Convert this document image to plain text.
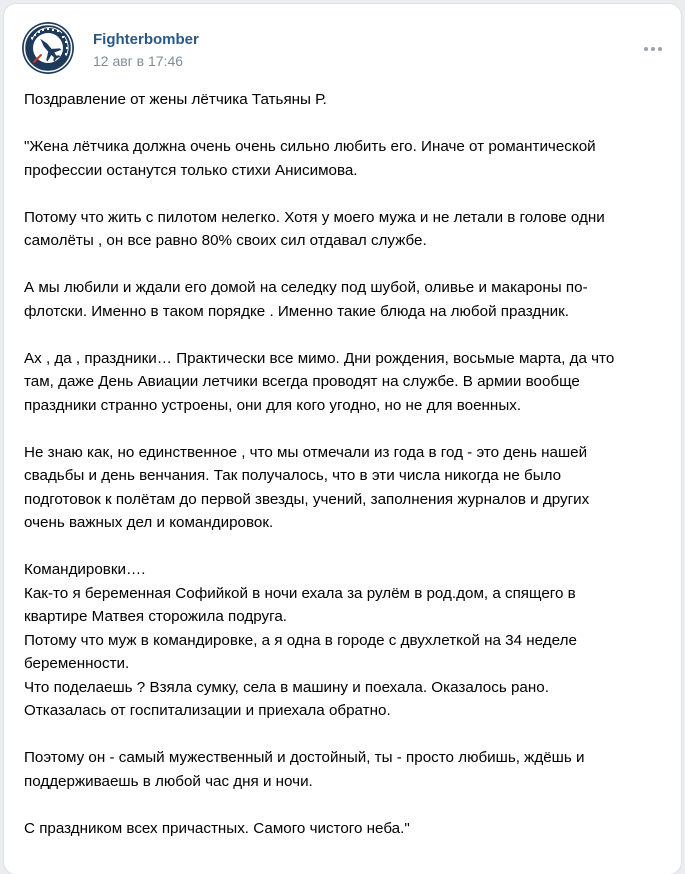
Fighterbomber
12 авг в 17:46

Поздравление от жены лётчика Татьяны Р.

"Жена лётчика должна очень очень сильно любить его. Иначе от романтической
профессии останутся только стихи Анисимова.

Потому что жить с пилотом нелегко. Хотя у моего мужа и не летали в голове одни
самолёты , он все равно 80% своих сил отдавал службе.

А мы любили и ждали его домой на селедку под шубой, оливье и макароны по-
флотски. Именно в таком порядке . Именно такие блюда на любой праздник.

Ах , да , праздники… Практически все мимо. Дни рождения, восьмые марта, да что
там, даже День Авиации летчики всегда проводят на службе. В армии вообще
праздники странно устроены, они для кого угодно, но не для военных.

Не знаю как, но единственное , что мы отмечали из года в год - это день нашей
свадьбы и день венчания. Так получалось, что в эти числа никогда не было
подготовок к полётам до первой звезды, учений, заполнения журналов и других
очень важных дел и командировок.

Командировки….
Как-то я беременная Софийкой в ночи ехала за рулём в род.дом, а спящего в
квартире Матвея сторожила подруга.
Потому что муж в командировке, а я одна в городе с двухлеткой на 34 неделе
беременности.
Что поделаешь ? Взяла сумку, села в машину и поехала. Оказалось рано.
Отказалась от госпитализации и приехала обратно.

Поэтому он - самый мужественный и достойный, ты - просто любишь, ждёшь и
поддерживаешь в любой час дня и ночи.

С праздником всех причастных. Самого чистого неба."
